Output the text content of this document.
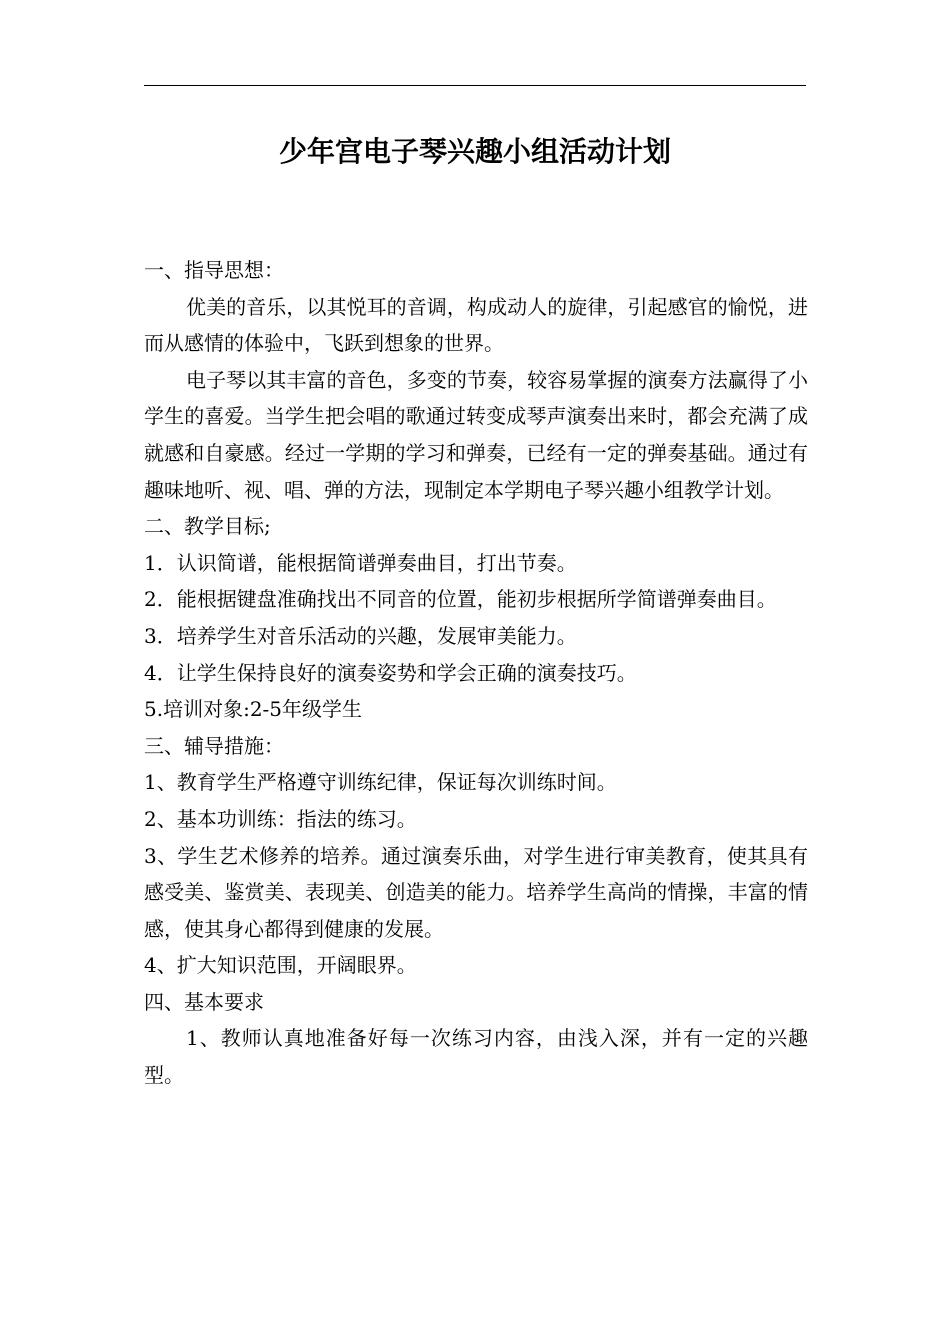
少年宫电子琴兴趣小组活动计划

一、指导思想：

优美的音乐，以其悦耳的音调，构成动人的旋律，引起感官的愉悦，进而从感情的体验中，飞跃到想象的世界。

电子琴以其丰富的音色，多变的节奏，较容易掌握的演奏方法赢得了小学生的喜爱。当学生把会唱的歌通过转变成琴声演奏出来时，都会充满了成就感和自豪感。经过一学期的学习和弹奏，已经有一定的弹奏基础。通过有趣味地听、视、唱、弹的方法，现制定本学期电子琴兴趣小组教学计划。

二、教学目标;

1．认识简谱，能根据简谱弹奏曲目，打出节奏。

2．能根据键盘准确找出不同音的位置，能初步根据所学简谱弹奏曲目。

3．培养学生对音乐活动的兴趣，发展审美能力。

4．让学生保持良好的演奏姿势和学会正确的演奏技巧。

5.培训对象:2-5年级学生

三、辅导措施：

1、教育学生严格遵守训练纪律，保证每次训练时间。

2、基本功训练：指法的练习。

3、学生艺术修养的培养。通过演奏乐曲，对学生进行审美教育，使其具有感受美、鉴赏美、表现美、创造美的能力。培养学生高尚的情操，丰富的情感，使其身心都得到健康的发展。

4、扩大知识范围，开阔眼界。

四、基本要求

1、教师认真地准备好每一次练习内容，由浅入深，并有一定的兴趣型。
